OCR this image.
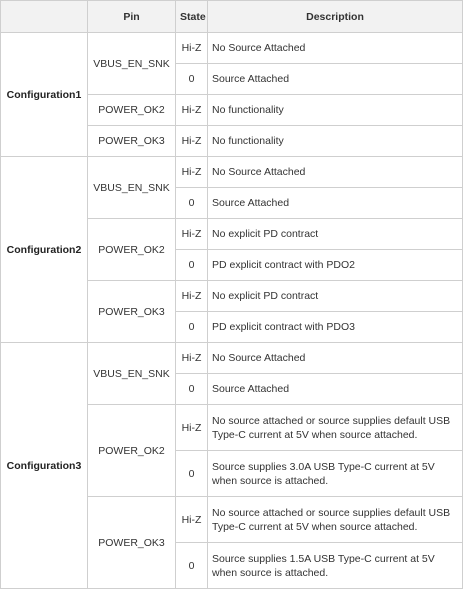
	Pin	State	Description
Configuration1	VBUS_EN_SNK	Hi-Z	No Source Attached
		0	Source Attached
	POWER_OK2	Hi-Z	No functionality
	POWER_OK3	Hi-Z	No functionality
Configuration2	VBUS_EN_SNK	Hi-Z	No Source Attached
		0	Source Attached
	POWER_OK2	Hi-Z	No explicit PD contract
		0	PD explicit contract with PDO2
	POWER_OK3	Hi-Z	No explicit PD contract
		0	PD explicit contract with PDO3
Configuration3	VBUS_EN_SNK	Hi-Z	No Source Attached
		0	Source Attached
	POWER_OK2	Hi-Z	No source attached or source supplies default USB Type-C current at 5V when source attached.
		0	Source supplies 3.0A USB Type-C current at 5V when source is attached.
	POWER_OK3	Hi-Z	No source attached or source supplies default USB Type-C current at 5V when source attached.
		0	Source supplies 1.5A USB Type-C current at 5V when source is attached.
